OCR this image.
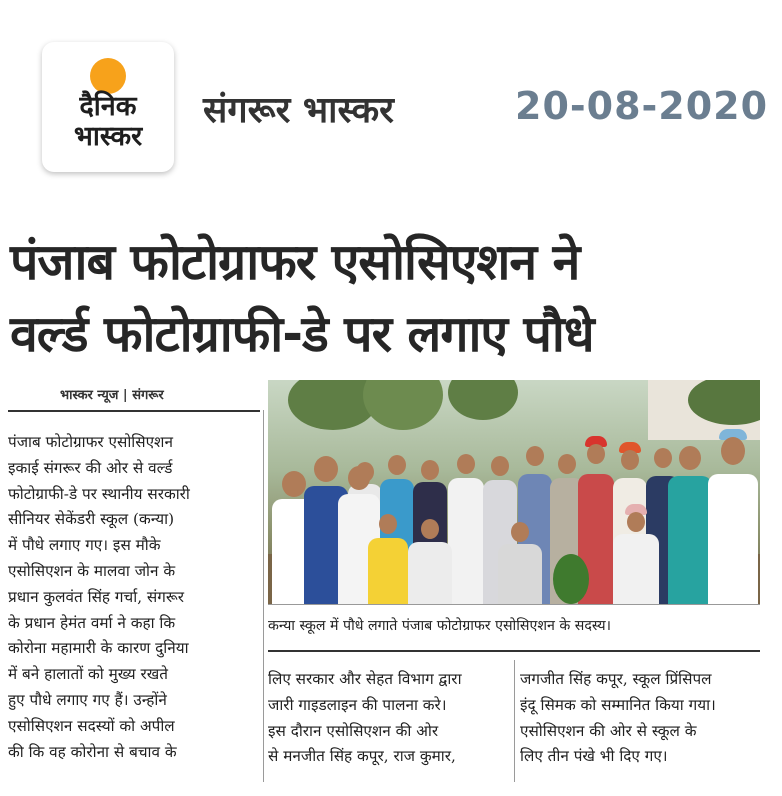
दैनिक
भास्कर
संगरूर भास्कर	20-08-2020
पंजाब फोटोग्राफर एसोसिएशन ने
वर्ल्ड फोटोग्राफी-डे पर लगाए पौधे
भास्कर न्यूज | संगरूर
पंजाब फोटोग्राफर एसोसिएशन
इकाई संगरूर की ओर से वर्ल्ड
फोटोग्राफी-डे पर स्थानीय सरकारी
सीनियर सेकेंडरी स्कूल (कन्या)
में पौधे लगाए गए। इस मौके
एसोसिएशन के मालवा जोन के
प्रधान कुलवंत सिंह गर्चा, संगरूर
के प्रधान हेमंत वर्मा ने कहा कि
कोरोना महामारी के कारण दुनिया
में बने हालातों को मुख्य रखते
हुए पौधे लगाए गए हैं। उन्होंने
एसोसिएशन सदस्यों को अपील
की कि वह कोरोना से बचाव के
कन्या स्कूल में पौधे लगाते पंजाब फोटोग्राफर एसोसिएशन के सदस्य।
लिए सरकार और सेहत विभाग द्वारा
जारी गाइडलाइन की पालना करे।
इस दौरान एसोसिएशन की ओर
से मनजीत सिंह कपूर, राज कुमार,
जगजीत सिंह कपूर, स्कूल प्रिंसिपल
इंदू सिमक को सम्मानित किया गया।
एसोसिएशन की ओर से स्कूल के
लिए तीन पंखे भी दिए गए।
